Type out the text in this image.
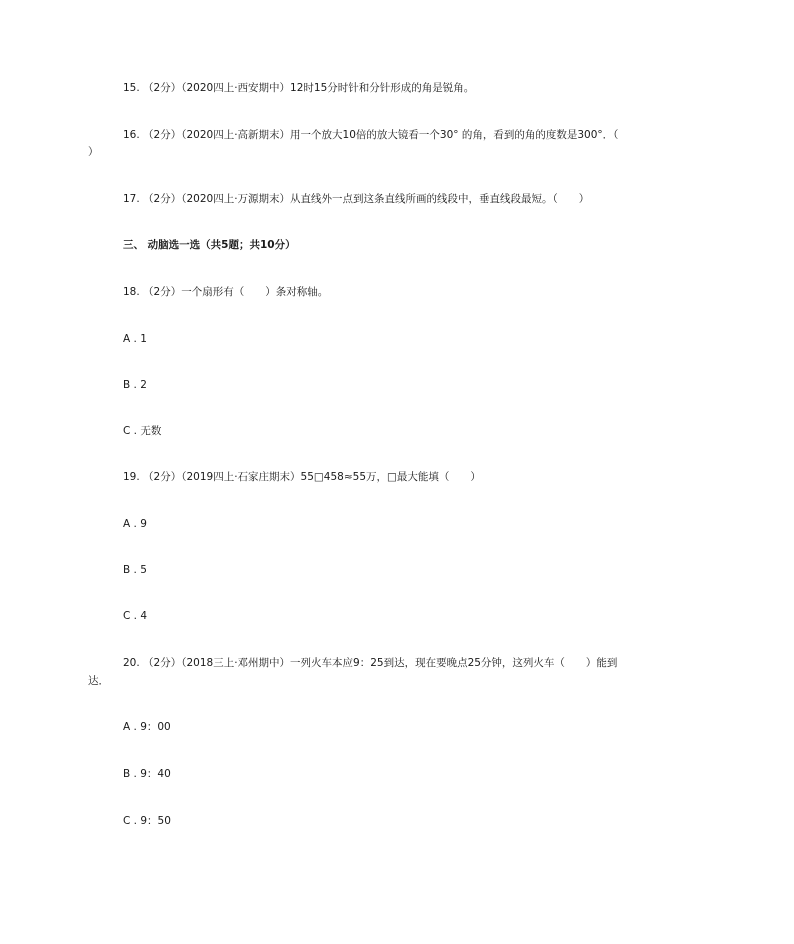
15. （2分）（2020四上·西安期中）12时15分时针和分针形成的角是锐角。
16. （2分）（2020四上·高新期末）用一个放大10倍的放大镜看一个30° 的角，看到的角的度数是300°．（
）
17. （2分）（2020四上·万源期末）从直线外一点到这条直线所画的线段中，垂直线段最短。（　　）
三、 动脑选一选（共5题；共10分）
18. （2分）一个扇形有（　　）条对称轴。
A . 1
B . 2
C . 无数
19. （2分）（2019四上·石家庄期末）55□458≈55万，□最大能填（　　）
A . 9
B . 5
C . 4
20. （2分）（2018三上·邓州期中）一列火车本应9：25到达，现在要晚点25分钟，这列火车（　　）能到
达．
A . 9：00
B . 9：40
C . 9：50
